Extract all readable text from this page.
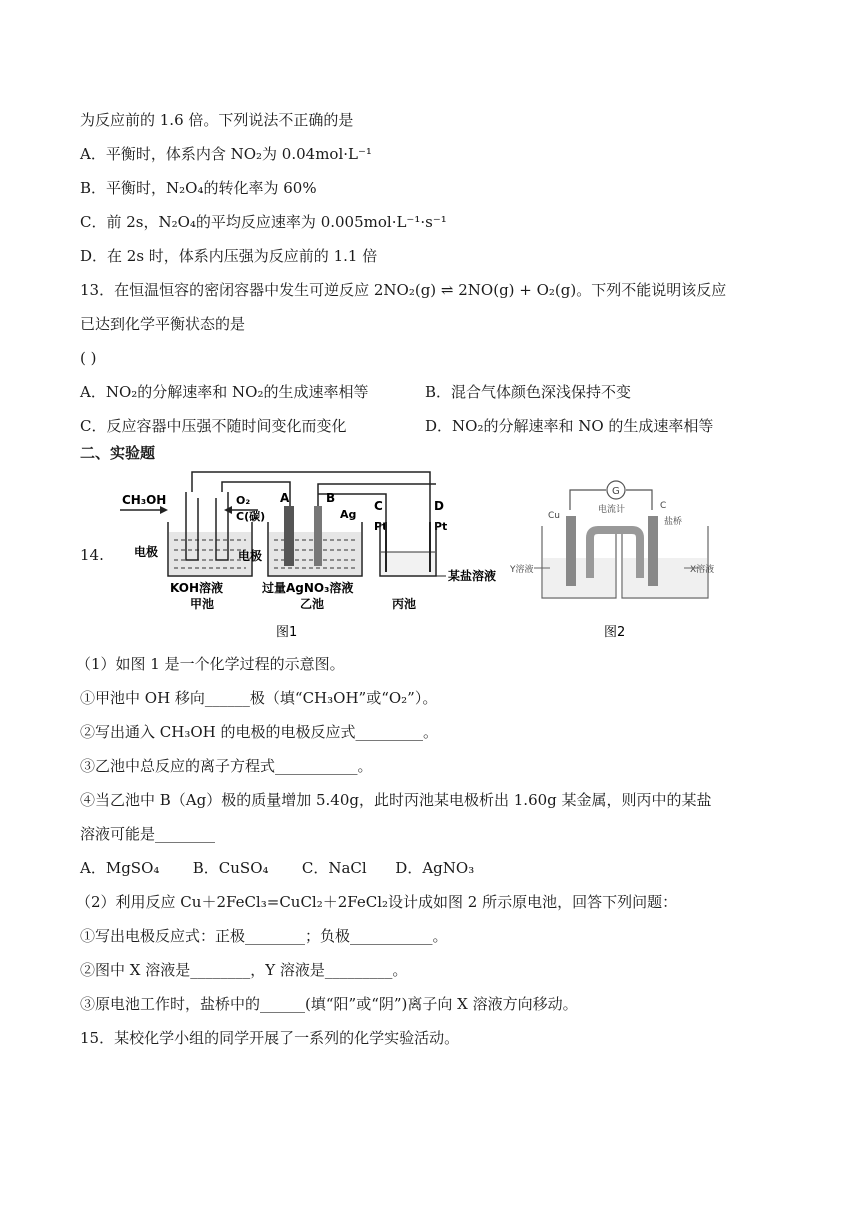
为反应前的 1.6 倍。下列说法不正确的是
A．平衡时，体系内含 NO₂为 0.04mol·L⁻¹
B．平衡时，N₂O₄的转化率为 60%
C．前 2s，N₂O₄的平均反应速率为 0.005mol·L⁻¹·s⁻¹
D．在 2s 时，体系内压强为反应前的 1.1 倍
13．在恒温恒容的密闭容器中发生可逆反应 2NO₂(g) ⇌ 2NO(g) + O₂(g)。下列不能说明该反应
已达到化学平衡状态的是
( )
A．NO₂的分解速率和 NO₂的生成速率相等	B．混合气体颜色深浅保持不变
C．反应容器中压强不随时间变化而变化	D．NO₂的分解速率和 NO 的生成速率相等
二、实验题
14.
CH₃OH	O₂
C(碳)
A	B
Ag
C	D
Pt	Pt
电极	电极
KOH溶液
甲池
过量AgNO₃溶液
乙池
某盐溶液
丙池
图1
G
电流计
Cu
C
盐桥
Y溶液	X溶液
图2
（1）如图 1 是一个化学过程的示意图。
①甲池中 OH 移向______极（填“CH₃OH”或“O₂”）。
②写出通入 CH₃OH 的电极的电极反应式_________。
③乙池中总反应的离子方程式___________。
④当乙池中 B（Ag）极的质量增加 5.40g，此时丙池某电极析出 1.60g 某金属，则丙中的某盐
溶液可能是________
A．MgSO₄       B．CuSO₄       C．NaCl      D．AgNO₃
（2）利用反应 Cu＋2FeCl₃=CuCl₂＋2FeCl₂设计成如图 2 所示原电池，回答下列问题：
①写出电极反应式：正极________；负极___________。
②图中 X 溶液是________，Y 溶液是_________。
③原电池工作时，盐桥中的______(填“阳”或“阴”)离子向 X 溶液方向移动。
15．某校化学小组的同学开展了一系列的化学实验活动。
